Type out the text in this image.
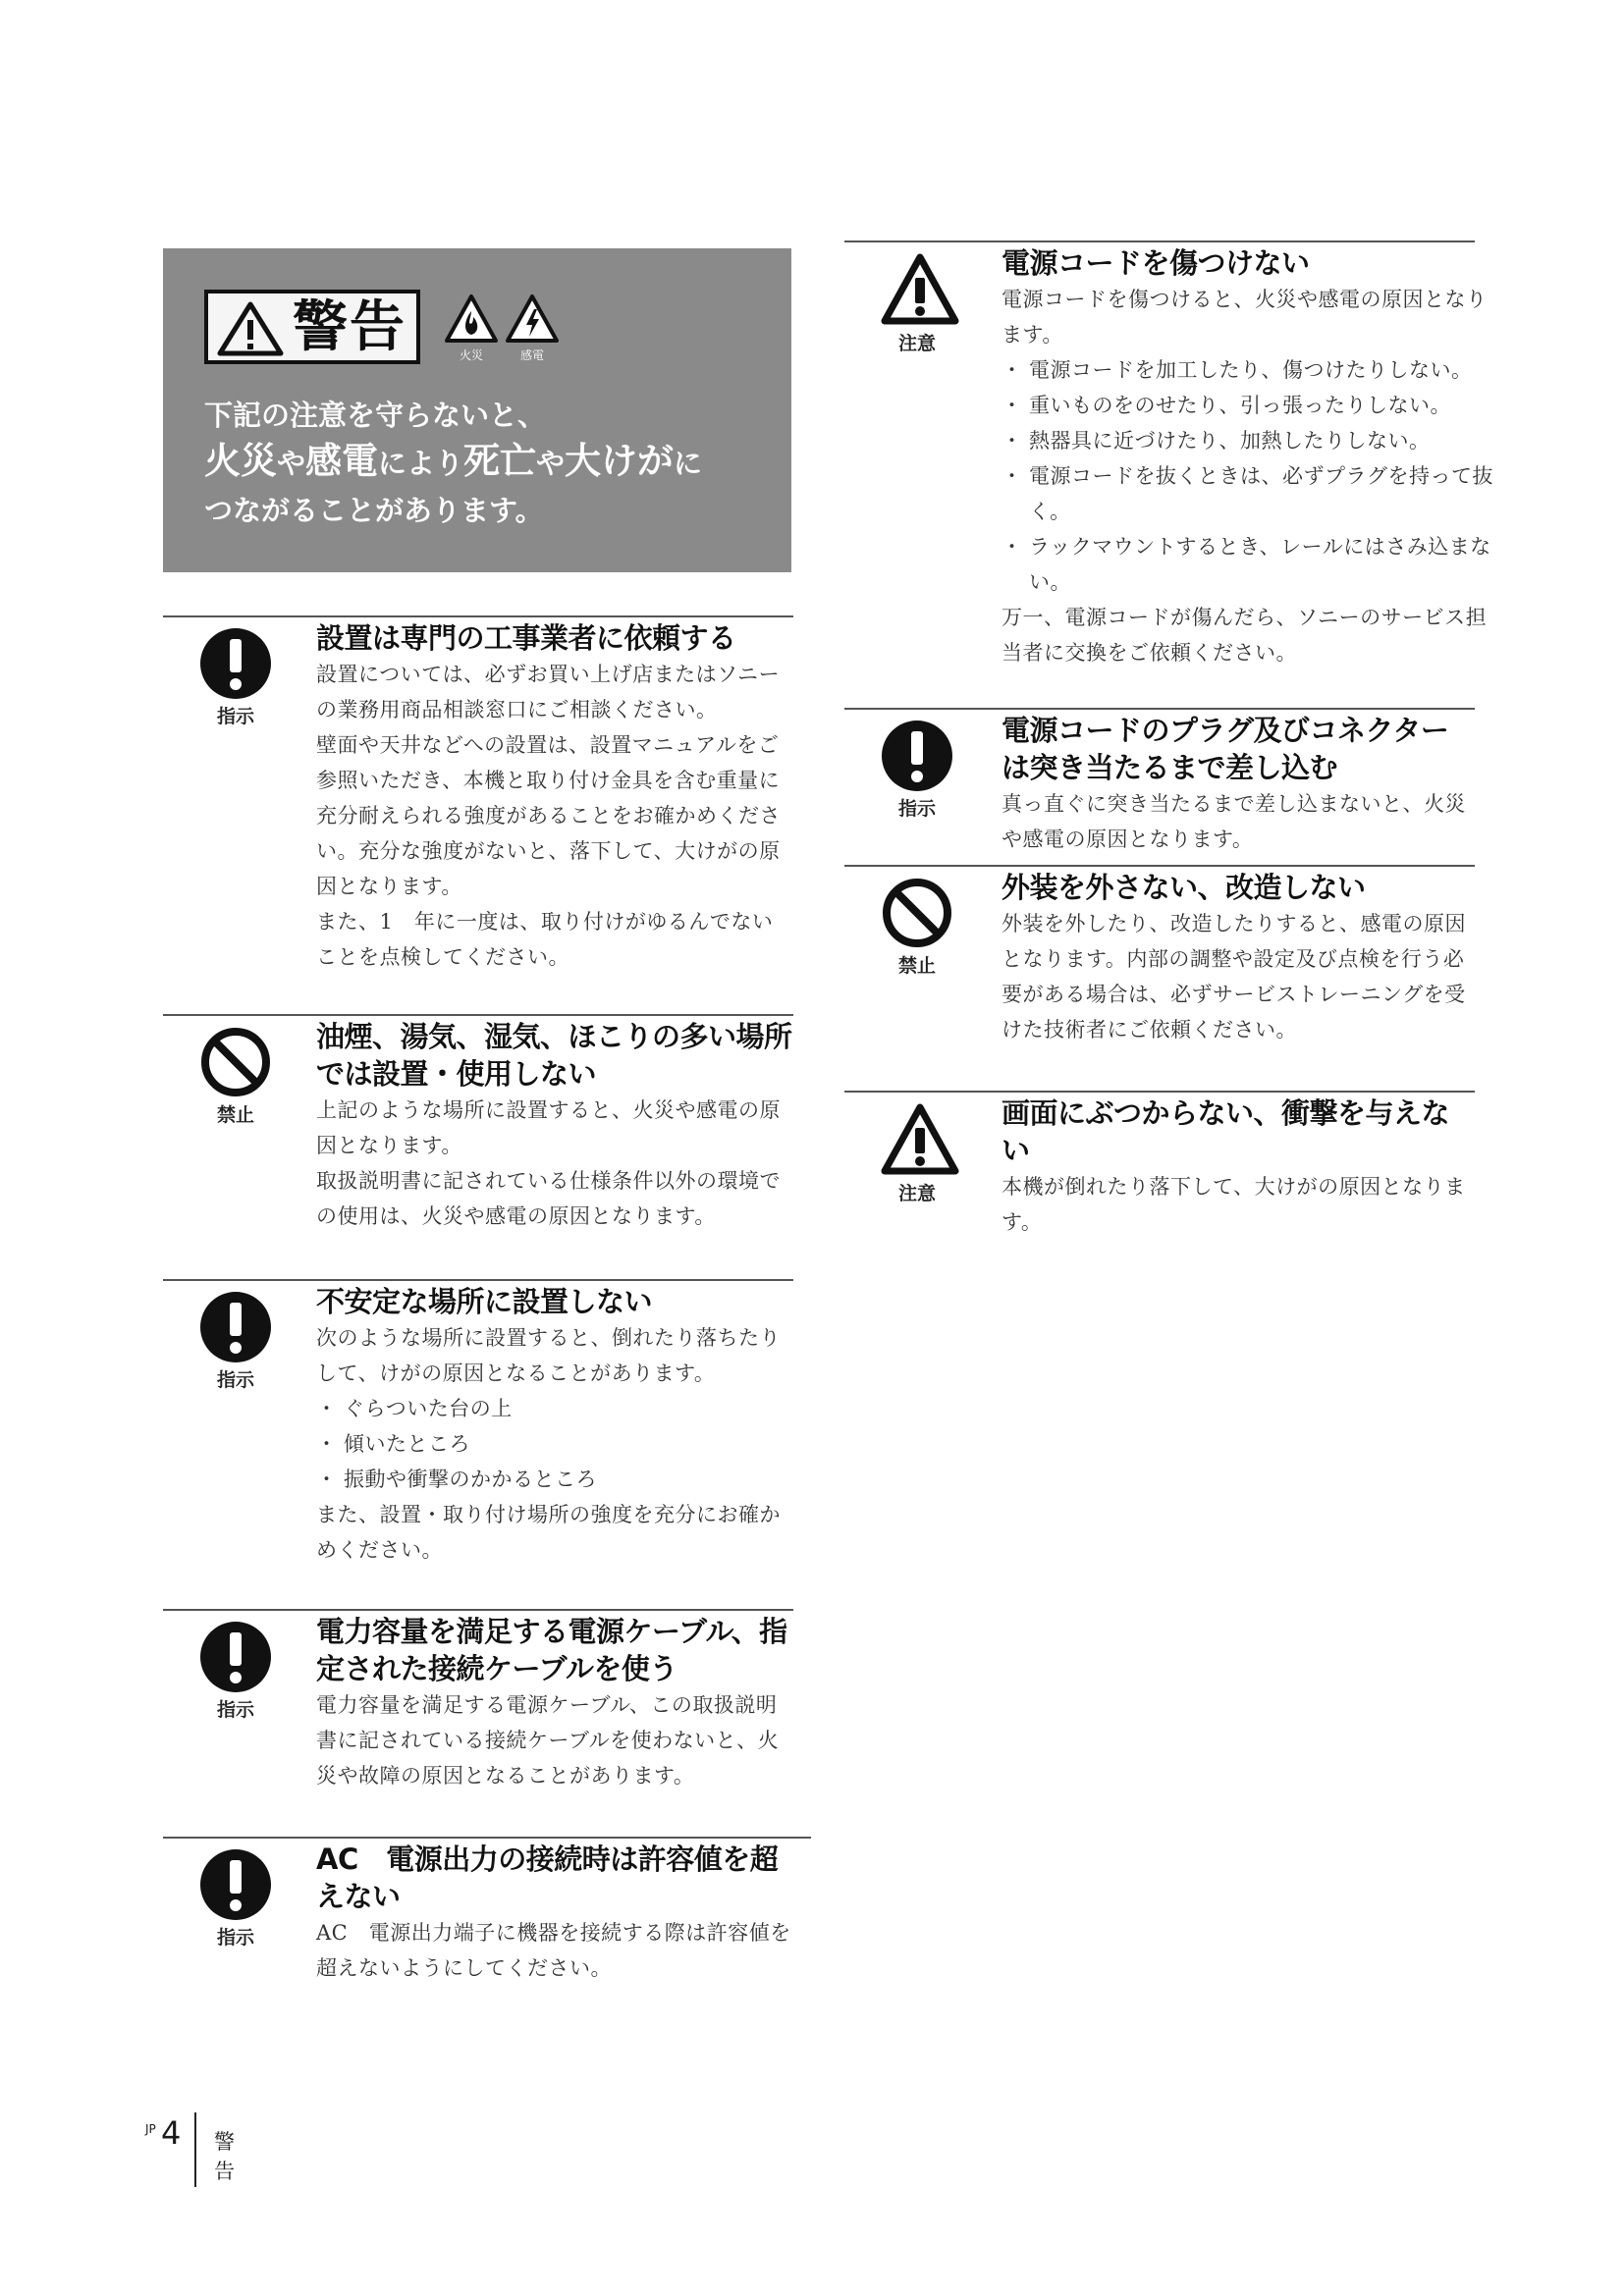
警告	火災	感電
下記の注意を守らないと、
火災や感電により死亡や大けがに
つながることがあります。
指示
設置は専門の工事業者に依頼する

設置については、必ずお買い上げ店またはソニーの業務用商品相談窓口にご相談ください。

壁面や天井などへの設置は、設置マニュアルをご参照いただき、本機と取り付け金具を含む重量に充分耐えられる強度があることをお確かめください。充分な強度がないと、落下して、大けがの原因となります。

また、1　年に一度は、取り付けがゆるんでないことを点検してください。

禁止
油煙、湯気、湿気、ほこりの多い場所では設置・使用しない

上記のような場所に設置すると、火災や感電の原因となります。

取扱説明書に記されている仕様条件以外の環境での使用は、火災や感電の原因となります。

指示
不安定な場所に設置しない

次のような場所に設置すると、倒れたり落ちたりして、けがの原因となることがあります。

・ ぐらついた台の上

・ 傾いたところ

・ 振動や衝撃のかかるところ

また、設置・取り付け場所の強度を充分にお確かめください。

指示
電力容量を満足する電源ケーブル、指定された接続ケーブルを使う

電力容量を満足する電源ケーブル、この取扱説明書に記されている接続ケーブルを使わないと、火災や故障の原因となることがあります。

指示
AC　電源出力の接続時は許容値を超えない

AC　電源出力端子に機器を接続する際は許容値を超えないようにしてください。

注意
電源コードを傷つけない

電源コードを傷つけると、火災や感電の原因となります。

・ 電源コードを加工したり、傷つけたりしない。

・ 重いものをのせたり、引っ張ったりしない。

・ 熱器具に近づけたり、加熱したりしない。

・ 電源コードを抜くときは、必ずプラグを持って抜く。

・ ラックマウントするとき、レールにはさみ込まない。

万一、電源コードが傷んだら、ソニーのサービス担当者に交換をご依頼ください。

指示
電源コードのプラグ及びコネクターは突き当たるまで差し込む

真っ直ぐに突き当たるまで差し込まないと、火災や感電の原因となります。

禁止
外装を外さない、改造しない

外装を外したり、改造したりすると、感電の原因となります。内部の調整や設定及び点検を行う必要がある場合は、必ずサービストレーニングを受けた技術者にご依頼ください。

注意
画面にぶつからない、衝撃を与えない

本機が倒れたり落下して、大けがの原因となります。

JP 4 警告
